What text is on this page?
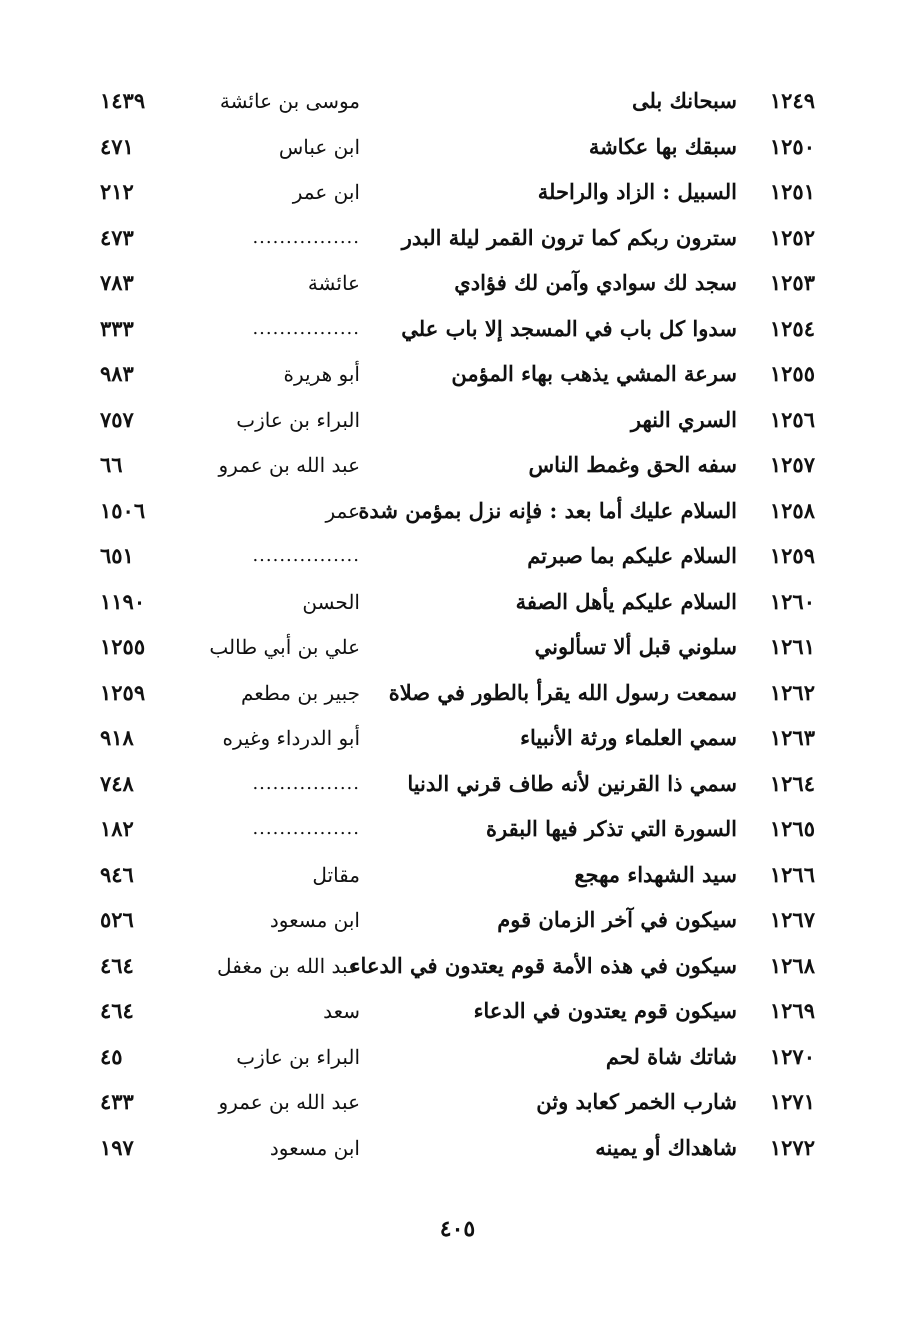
١٢٤٩
سبحانك بلى
موسى بن عائشة
١٤٣٩
١٢٥٠
سبقك بها عكاشة
ابن عباس
٤٧١
١٢٥١
السبيل : الزاد والراحلة
ابن عمر
٢١٢
١٢٥٢
سترون ربكم كما ترون القمر ليلة البدر
................
٤٧٣
١٢٥٣
سجد لك سوادي وآمن لك فؤادي
عائشة
٧٨٣
١٢٥٤
سدوا كل باب في المسجد إلا باب علي
................
٣٣٣
١٢٥٥
سرعة المشي يذهب بهاء المؤمن
أبو هريرة
٩٨٣
١٢٥٦
السري النهر
البراء بن عازب
٧٥٧
١٢٥٧
سفه الحق وغمط الناس
عبد الله بن عمرو
٦٦
١٢٥٨
السلام عليك أما بعد : فإنه نزل بمؤمن شدة
عمر
١٥٠٦
١٢٥٩
السلام عليكم بما صبرتم
................
٦٥١
١٢٦٠
السلام عليكم يأهل الصفة
الحسن
١١٩٠
١٢٦١
سلوني قبل ألا تسألوني
علي بن أبي طالب
١٢٥٥
١٢٦٢
سمعت رسول الله يقرأ بالطور في صلاة
جبير بن مطعم
١٢٥٩
١٢٦٣
سمي العلماء ورثة الأنبياء
أبو الدرداء وغيره
٩١٨
١٢٦٤
سمي ذا القرنين لأنه طاف قرني الدنيا
................
٧٤٨
١٢٦٥
السورة التي تذكر فيها البقرة
................
١٨٢
١٢٦٦
سيد الشهداء مهجع
مقاتل
٩٤٦
١٢٦٧
سيكون في آخر الزمان قوم
ابن مسعود
٥٢٦
١٢٦٨
سيكون في هذه الأمة قوم يعتدون في الدعاء
عبد الله بن مغفل
٤٦٤
١٢٦٩
سيكون قوم يعتدون في الدعاء
سعد
٤٦٤
١٢٧٠
شاتك شاة لحم
البراء بن عازب
٤٥
١٢٧١
شارب الخمر كعابد وثن
عبد الله بن عمرو
٤٣٣
١٢٧٢
شاهداك أو يمينه
ابن مسعود
١٩٧
٤٠٥
